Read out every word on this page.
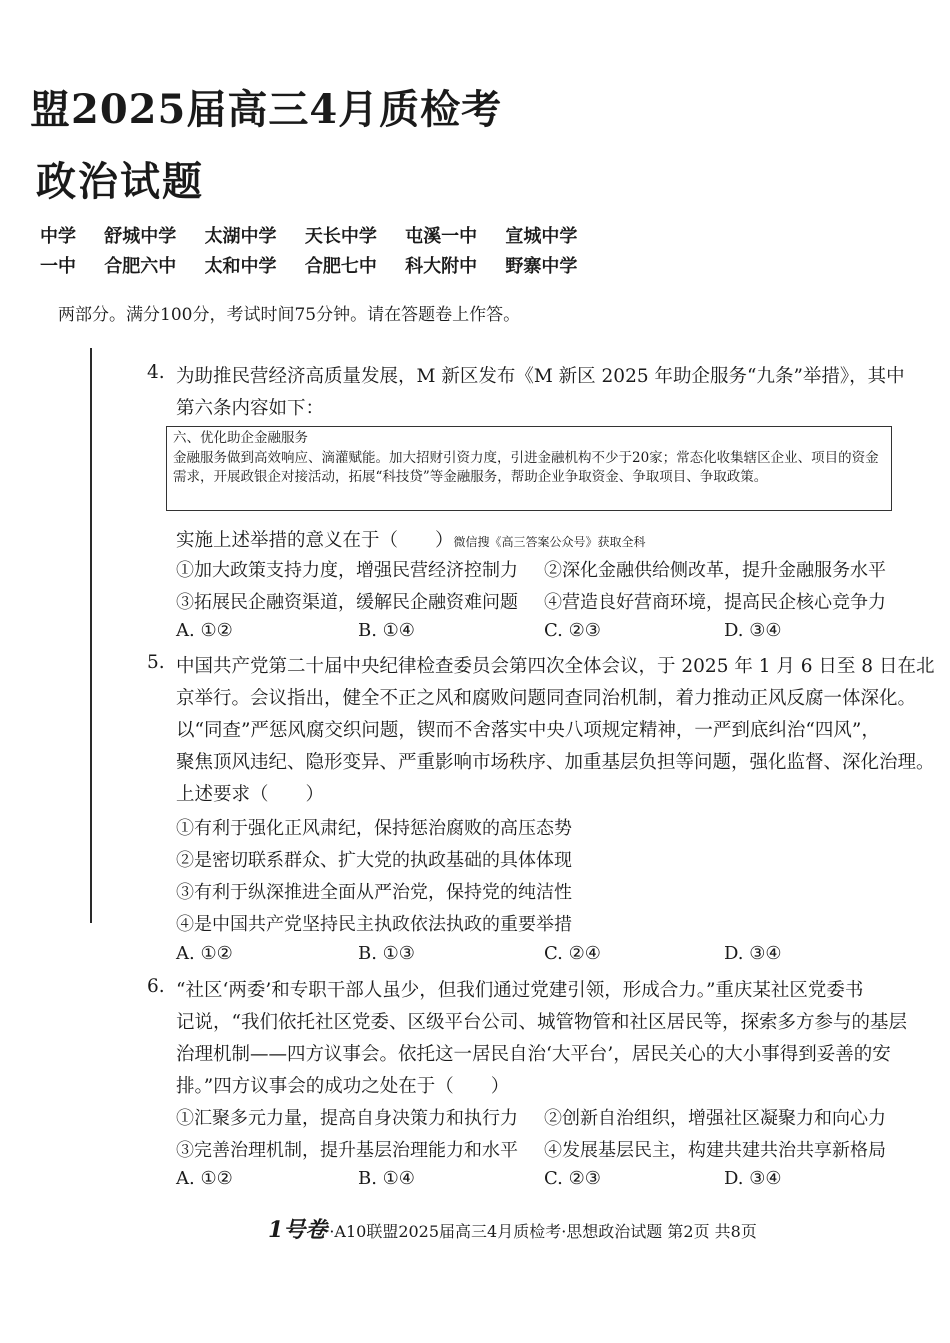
盟2025届高三4月质检考
政治试题
中学 舒城中学 太湖中学 天长中学 屯溪一中 宣城中学
一中 合肥六中 太和中学 合肥七中 科大附中 野寨中学
两部分。满分100分，考试时间75分钟。请在答题卷上作答。
4. 为助推民营经济高质量发展，M 新区发布《M 新区 2025 年助企服务“九条”举措》，其中
第六条内容如下：
六、优化助企金融服务
金融服务做到高效响应、滴灌赋能。加大招财引资力度，引进金融机构不少于20家；常态化收集辖区企业、项目的资金需求，开展政银企对接活动，拓展“科技贷”等金融服务，帮助企业争取资金、争取项目、争取政策。
实施上述举措的意义在于（　　）微信搜《高三答案公众号》获取全科
①加大政策支持力度，增强民营经济控制力 ②深化金融供给侧改革，提升金融服务水平
③拓展民企融资渠道，缓解民企融资难问题 ④营造良好营商环境，提高民企核心竞争力
A. ①②	B. ①④	C. ②③	D. ③④
5. 中国共产党第二十届中央纪律检查委员会第四次全体会议，于 2025 年 1 月 6 日至 8 日在北
京举行。会议指出，健全不正之风和腐败问题同查同治机制，着力推动正风反腐一体深化。
以“同查”严惩风腐交织问题，锲而不舍落实中央八项规定精神，一严到底纠治“四风”，
聚焦顶风违纪、隐形变异、严重影响市场秩序、加重基层负担等问题，强化监督、深化治理。
上述要求（　　）
①有利于强化正风肃纪，保持惩治腐败的高压态势
②是密切联系群众、扩大党的执政基础的具体体现
③有利于纵深推进全面从严治党，保持党的纯洁性
④是中国共产党坚持民主执政依法执政的重要举措
A. ①②	B. ①③	C. ②④	D. ③④
6. “社区‘两委’和专职干部人虽少，但我们通过党建引领，形成合力。”重庆某社区党委书
记说，“我们依托社区党委、区级平台公司、城管物管和社区居民等，探索多方参与的基层
治理机制——四方议事会。依托这一居民自治‘大平台’，居民关心的大小事得到妥善的安
排。”四方议事会的成功之处在于（　　）
①汇聚多元力量，提高自身决策力和执行力 ②创新自治组织，增强社区凝聚力和向心力
③完善治理机制，提升基层治理能力和水平 ④发展基层民主，构建共建共治共享新格局
A. ①②	B. ①④	C. ②③	D. ③④
1号卷 ·A10联盟2025届高三4月质检考·思想政治试题 第2页 共8页
